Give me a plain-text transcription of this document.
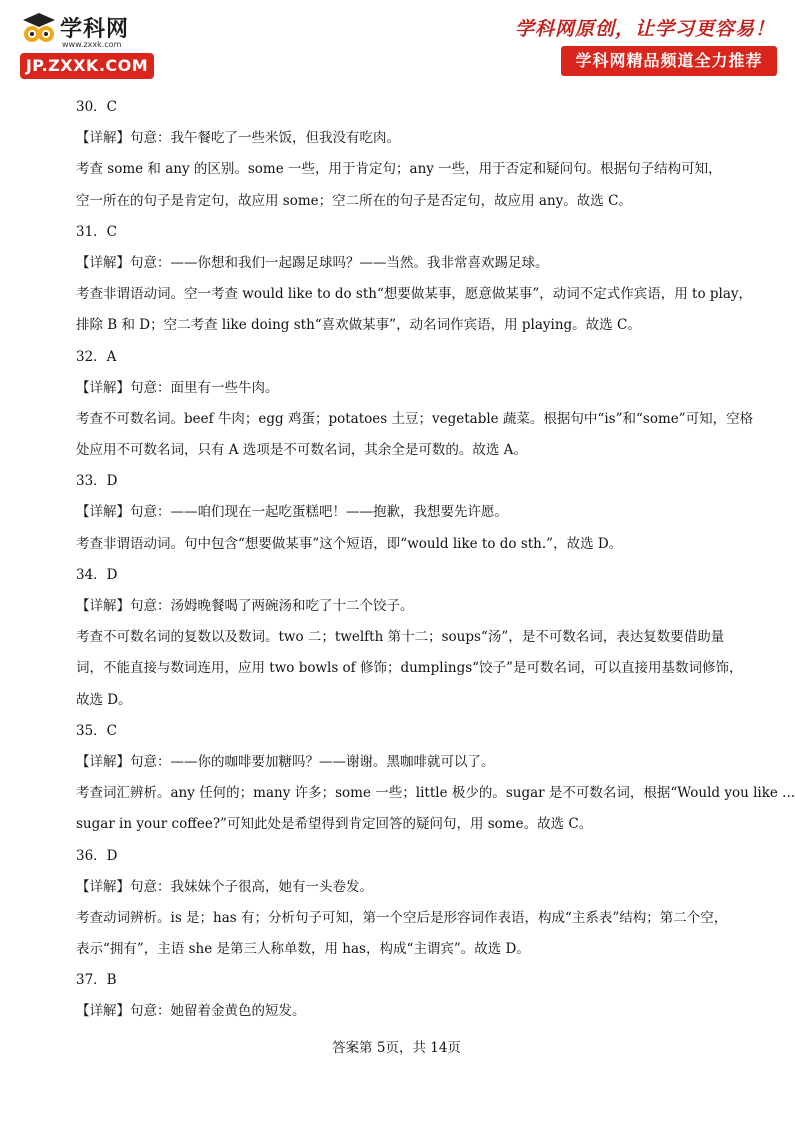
学科网
www.zxxk.com
JP.ZXXK.COM
学科网原创，让学习更容易！
学科网精品频道全力推荐
30．C
【详解】句意：我午餐吃了一些米饭，但我没有吃肉。
考查 some 和 any 的区别。some 一些，用于肯定句；any 一些，用于否定和疑问句。根据句子结构可知，
空一所在的句子是肯定句，故应用 some；空二所在的句子是否定句，故应用 any。故选 C。
31．C
【详解】句意：——你想和我们一起踢足球吗？——当然。我非常喜欢踢足球。
考查非谓语动词。空一考查 would like to do sth“想要做某事，愿意做某事”，动词不定式作宾语，用 to play，
排除 B 和 D；空二考查 like doing sth“喜欢做某事”，动名词作宾语，用 playing。故选 C。
32．A
【详解】句意：面里有一些牛肉。
考查不可数名词。beef 牛肉；egg 鸡蛋；potatoes 土豆；vegetable 蔬菜。根据句中“is”和“some”可知，空格
处应用不可数名词，只有 A 选项是不可数名词，其余全是可数的。故选 A。
33．D
【详解】句意：——咱们现在一起吃蛋糕吧！——抱歉，我想要先许愿。
考查非谓语动词。句中包含“想要做某事”这个短语，即“would like to do sth.”，故选 D。
34．D
【详解】句意：汤姆晚餐喝了两碗汤和吃了十二个饺子。
考查不可数名词的复数以及数词。two 二；twelfth 第十二；soups“汤”，是不可数名词，表达复数要借助量
词，不能直接与数词连用，应用 two bowls of 修饰；dumplings“饺子”是可数名词，可以直接用基数词修饰，
故选 D。
35．C
【详解】句意：——你的咖啡要加糖吗？——谢谢。黑咖啡就可以了。
考查词汇辨析。any 任何的；many 许多；some 一些；little 极少的。sugar 是不可数名词，根据“Would you like ...
sugar in your coffee?”可知此处是希望得到肯定回答的疑问句，用 some。故选 C。
36．D
【详解】句意：我妹妹个子很高，她有一头卷发。
考查动词辨析。is 是；has 有；分析句子可知，第一个空后是形容词作表语，构成“主系表”结构；第二个空，
表示“拥有”，主语 she 是第三人称单数，用 has，构成“主谓宾”。故选 D。
37．B
【详解】句意：她留着金黄色的短发。
答案第 5页，共 14页
